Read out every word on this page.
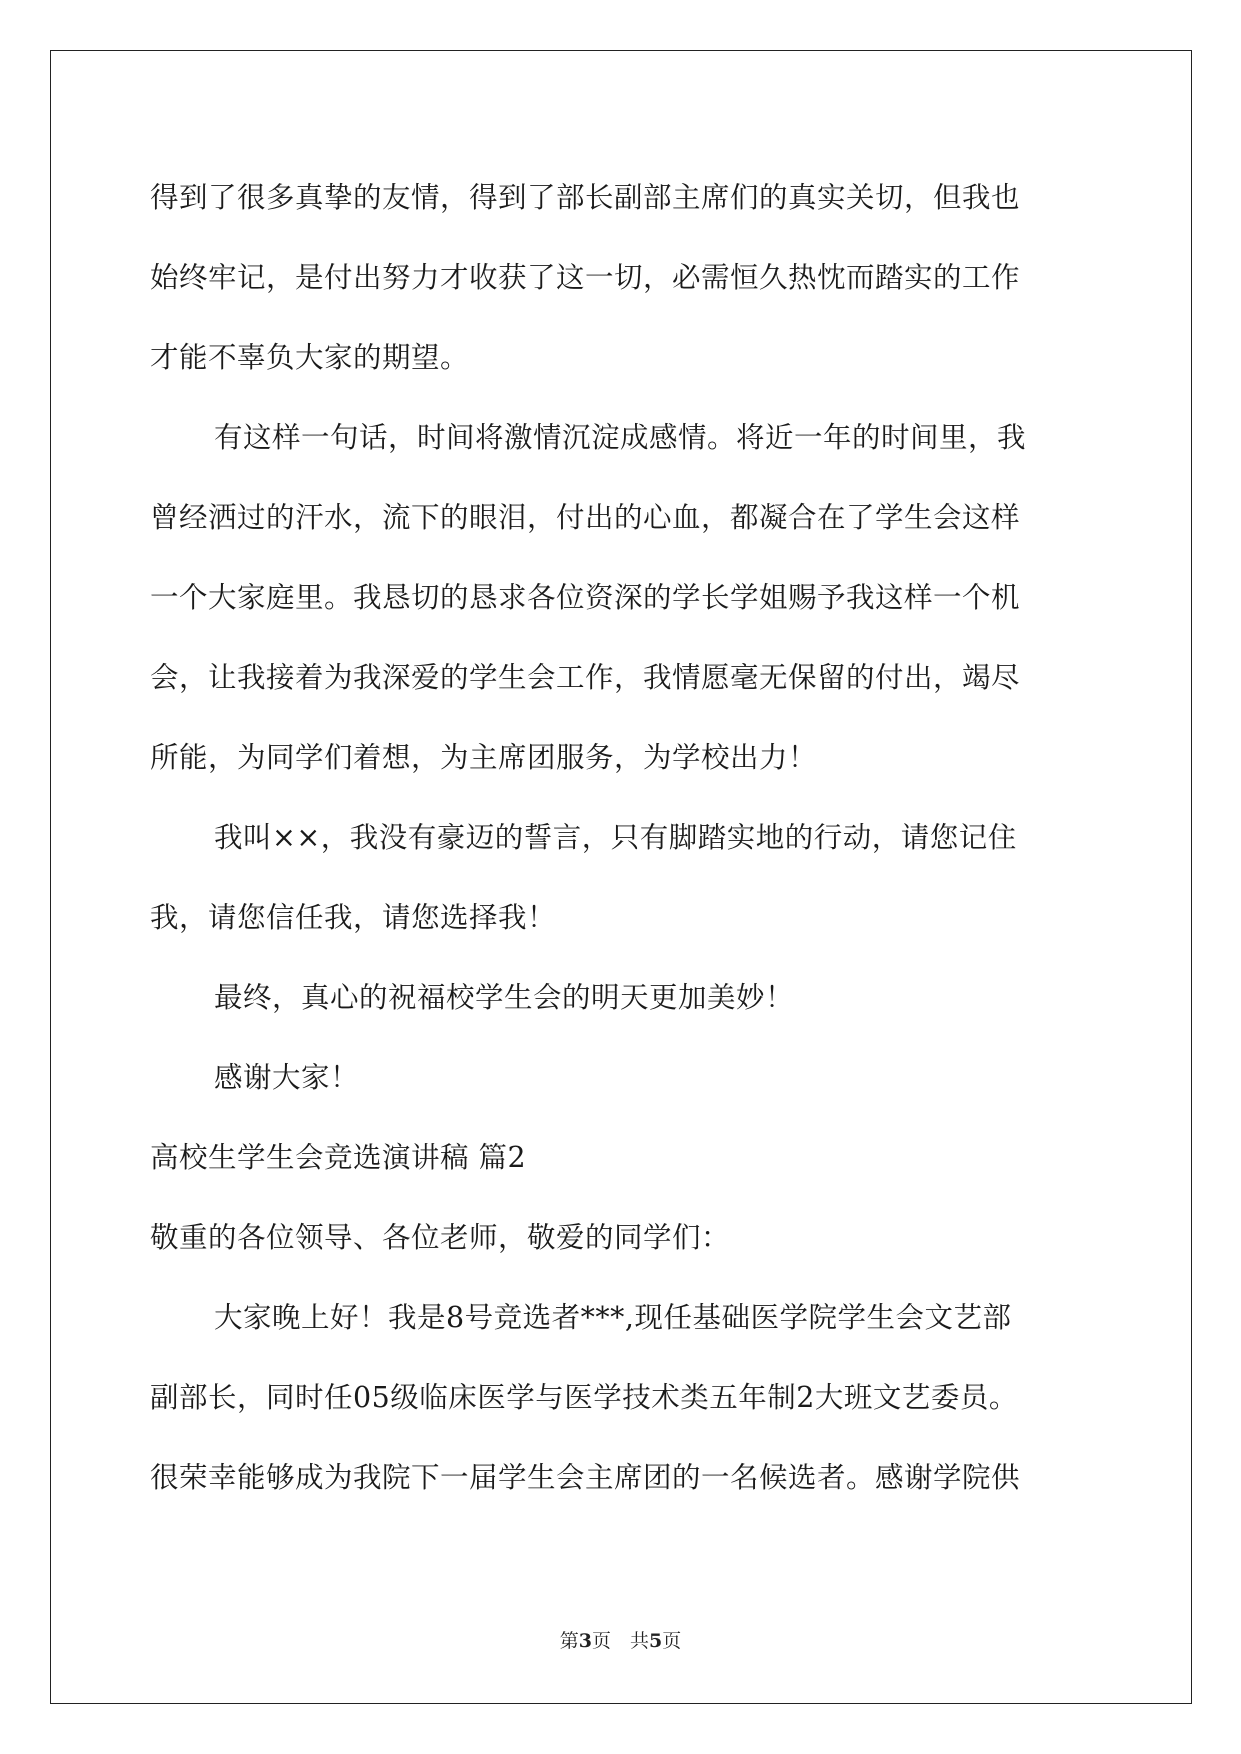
得到了很多真挚的友情，得到了部长副部主席们的真实关切，但我也
始终牢记，是付出努力才收获了这一切，必需恒久热忱而踏实的工作
才能不辜负大家的期望。
有这样一句话，时间将激情沉淀成感情。将近一年的时间里，我
曾经洒过的汗水，流下的眼泪，付出的心血，都凝合在了学生会这样
一个大家庭里。我恳切的恳求各位资深的学长学姐赐予我这样一个机
会，让我接着为我深爱的学生会工作，我情愿毫无保留的付出，竭尽
所能，为同学们着想，为主席团服务，为学校出力！
我叫××，我没有豪迈的誓言，只有脚踏实地的行动，请您记住
我，请您信任我，请您选择我！
最终，真心的祝福校学生会的明天更加美妙！
感谢大家！
高校生学生会竞选演讲稿 篇2
敬重的各位领导、各位老师，敬爱的同学们：
大家晚上好！我是8号竞选者***,现任基础医学院学生会文艺部
副部长，同时任05级临床医学与医学技术类五年制2大班文艺委员。
很荣幸能够成为我院下一届学生会主席团的一名候选者。感谢学院供
第3页　共5页
